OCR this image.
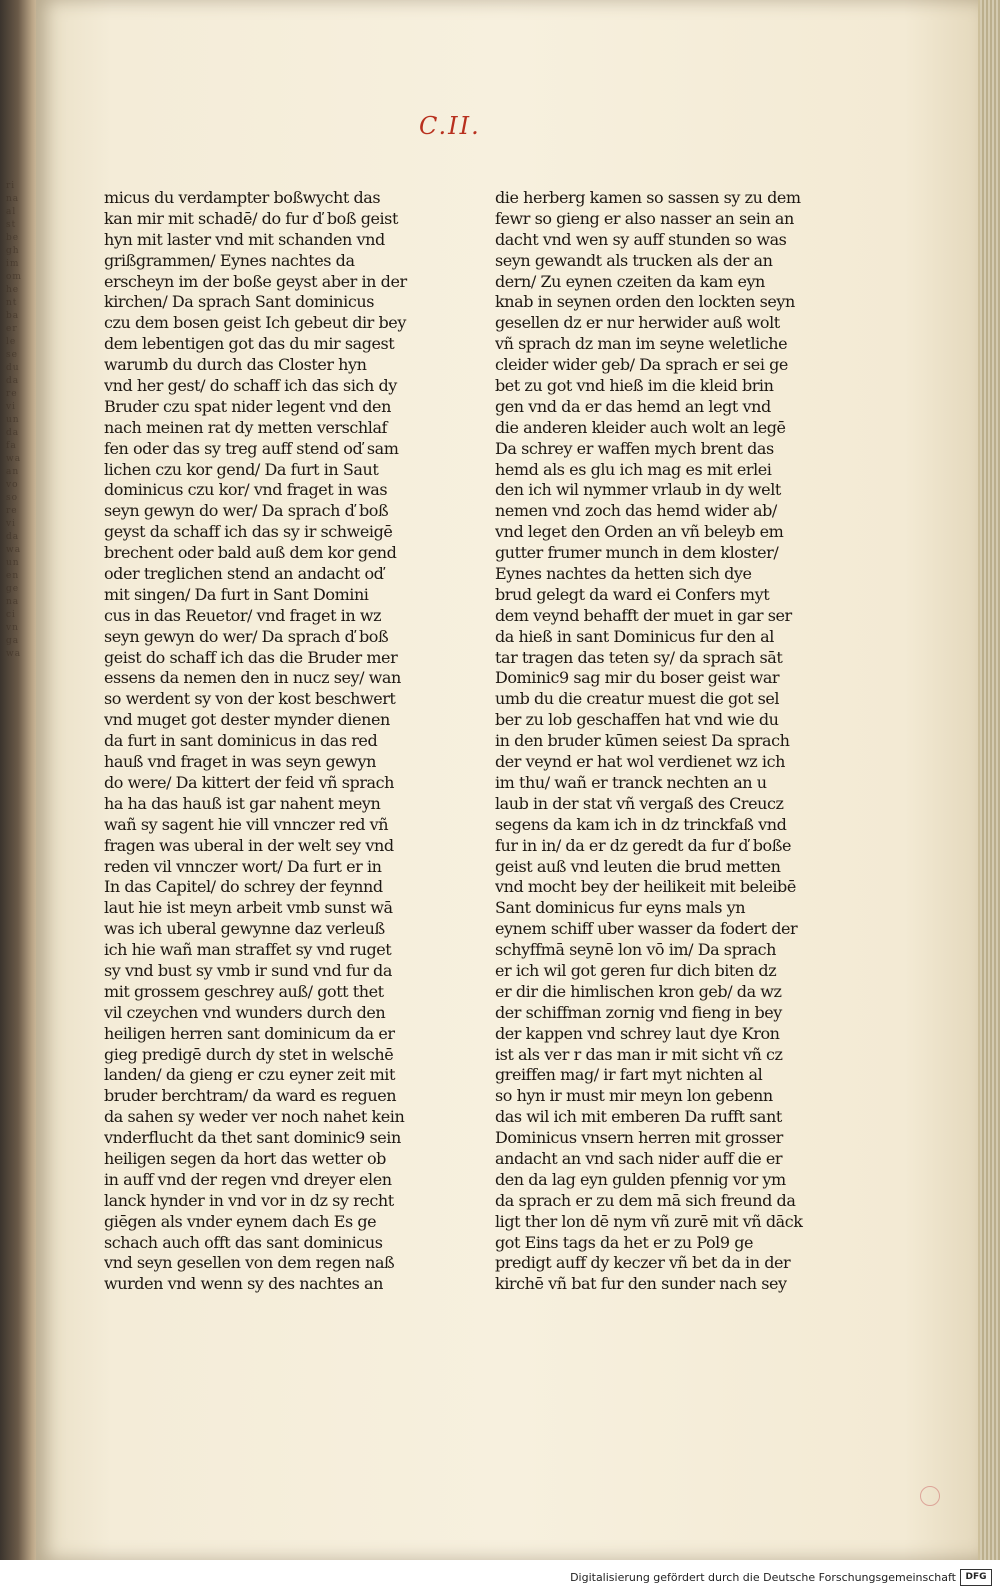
ri
na
al
st
be
gh
im
om
he
nt
ba
er
le
se
du
da
re
vi
un
da
fa
wa
an
vo
so
re
vi
da
wa
un
en
ge
na
ci
vn
ga
wa
C.II.
micus du verdampter boßwycht das
kan mir mit schadē/ do fur ď boß geist
hyn mit laster vnd mit schanden vnd
grißgrammen/ Eynes nachtes da
erscheyn im der boße geyst aber in der
kirchen/ Da sprach Sant dominicus
czu dem bosen geist Ich gebeut dir bey
dem lebentigen got das du mir sagest
warumb du durch das Closter hyn
vnd her gest/ do schaff ich das sich dy
Bruder czu spat nider legent vnd den
nach meinen rat dy metten verschlaf
fen oder das sy treg auff stend oď sam
lichen czu kor gend/ Da furt in Saut
dominicus czu kor/ vnd fraget in was
seyn gewyn do wer/ Da sprach ď boß
geyst da schaff ich das sy ir schweigē
brechent oder bald auß dem kor gend
oder treglichen stend an andacht oď
mit singen/ Da furt in Sant Domini
cus in das Reuetor/ vnd fraget in wz
seyn gewyn do wer/ Da sprach ď boß
geist do schaff ich das die Bruder mer
essens da nemen den in nucz sey/ wan
so werdent sy von der kost beschwert
vnd muget got dester mynder dienen
da furt in sant dominicus in das red
hauß vnd fraget in was seyn gewyn
do were/ Da kittert der feid vñ sprach
ha ha das hauß ist gar nahent meyn
wañ sy sagent hie vill vnnczer red vñ
fragen was uberal in der welt sey vnd
reden vil vnnczer wort/ Da furt er in
In das Capitel/ do schrey der feynnd
laut hie ist meyn arbeit vmb sunst wā
was ich uberal gewynne daz verleuß
ich hie wañ man straffet sy vnd ruget
sy vnd bust sy vmb ir sund vnd fur da
mit grossem geschrey auß/ gott thet
vil czeychen vnd wunders durch den
heiligen herren sant dominicum da er
gieg predigē durch dy stet in welschē
landen/ da gieng er czu eyner zeit mit
bruder berchtram/ da ward es reguen
da sahen sy weder ver noch nahet kein
vnderflucht da thet sant dominic9 sein
heiligen segen da hort das wetter ob
in auff vnd der regen vnd dreyer elen
lanck hynder in vnd vor in dz sy recht
giēgen als vnder eynem dach Es ge
schach auch offt das sant dominicus
vnd seyn gesellen von dem regen naß
wurden vnd wenn sy des nachtes an
die herberg kamen so sassen sy zu dem
fewr so gieng er also nasser an sein an
dacht vnd wen sy auff stunden so was
seyn gewandt als trucken als der an
dern/ Zu eynen czeiten da kam eyn
knab in seynen orden den lockten seyn
gesellen dz er nur herwider auß wolt
vñ sprach dz man im seyne weletliche
cleider wider geb/ Da sprach er sei ge
bet zu got vnd hieß im die kleid brin
gen vnd da er das hemd an legt vnd
die anderen kleider auch wolt an legē
Da schrey er waffen mych brent das
hemd als es glu ich mag es mit erlei
den ich wil nymmer vrlaub in dy welt
nemen vnd zoch das hemd wider ab/
vnd leget den Orden an vñ beleyb em
gutter frumer munch in dem kloster/
Eynes nachtes da hetten sich dye
brud gelegt da ward ei Confers myt
dem veynd behafft der muet in gar ser
da hieß in sant Dominicus fur den al
tar tragen das teten sy/ da sprach sāt
Dominic9 sag mir du boser geist war
umb du die creatur muest die got sel
ber zu lob geschaffen hat vnd wie du
in den bruder kūmen seiest Da sprach
der veynd er hat wol verdienet wz ich
im thu/ wañ er tranck nechten an u
laub in der stat vñ vergaß des Creucz
segens da kam ich in dz trinckfaß vnd
fur in in/ da er dz geredt da fur ď boße
geist auß vnd leuten die brud metten
vnd mocht bey der heilikeit mit beleibē
Sant dominicus fur eyns mals yn
eynem schiff uber wasser da fodert der
schyffmā seynē lon vō im/ Da sprach
er ich wil got geren fur dich biten dz
er dir die himlischen kron geb/ da wz
der schiffman zornig vnd fieng in bey
der kappen vnd schrey laut dye Kron
ist als ver r das man ir mit sicht vñ cz
greiffen mag/ ir fart myt nichten al
so hyn ir must mir meyn lon gebenn
das wil ich mit emberen Da rufft sant
Dominicus vnsern herren mit grosser
andacht an vnd sach nider auff die er
den da lag eyn gulden pfennig vor ym
da sprach er zu dem mā sich freund da
ligt ther lon dē nym vñ zurē mit vñ dāck
got Eins tags da het er zu Pol9 ge
predigt auff dy keczer vñ bet da in der
kirchē vñ bat fur den sunder nach sey
Digitalisierung gefördert durch die Deutsche Forschungsgemeinschaft	DFG
